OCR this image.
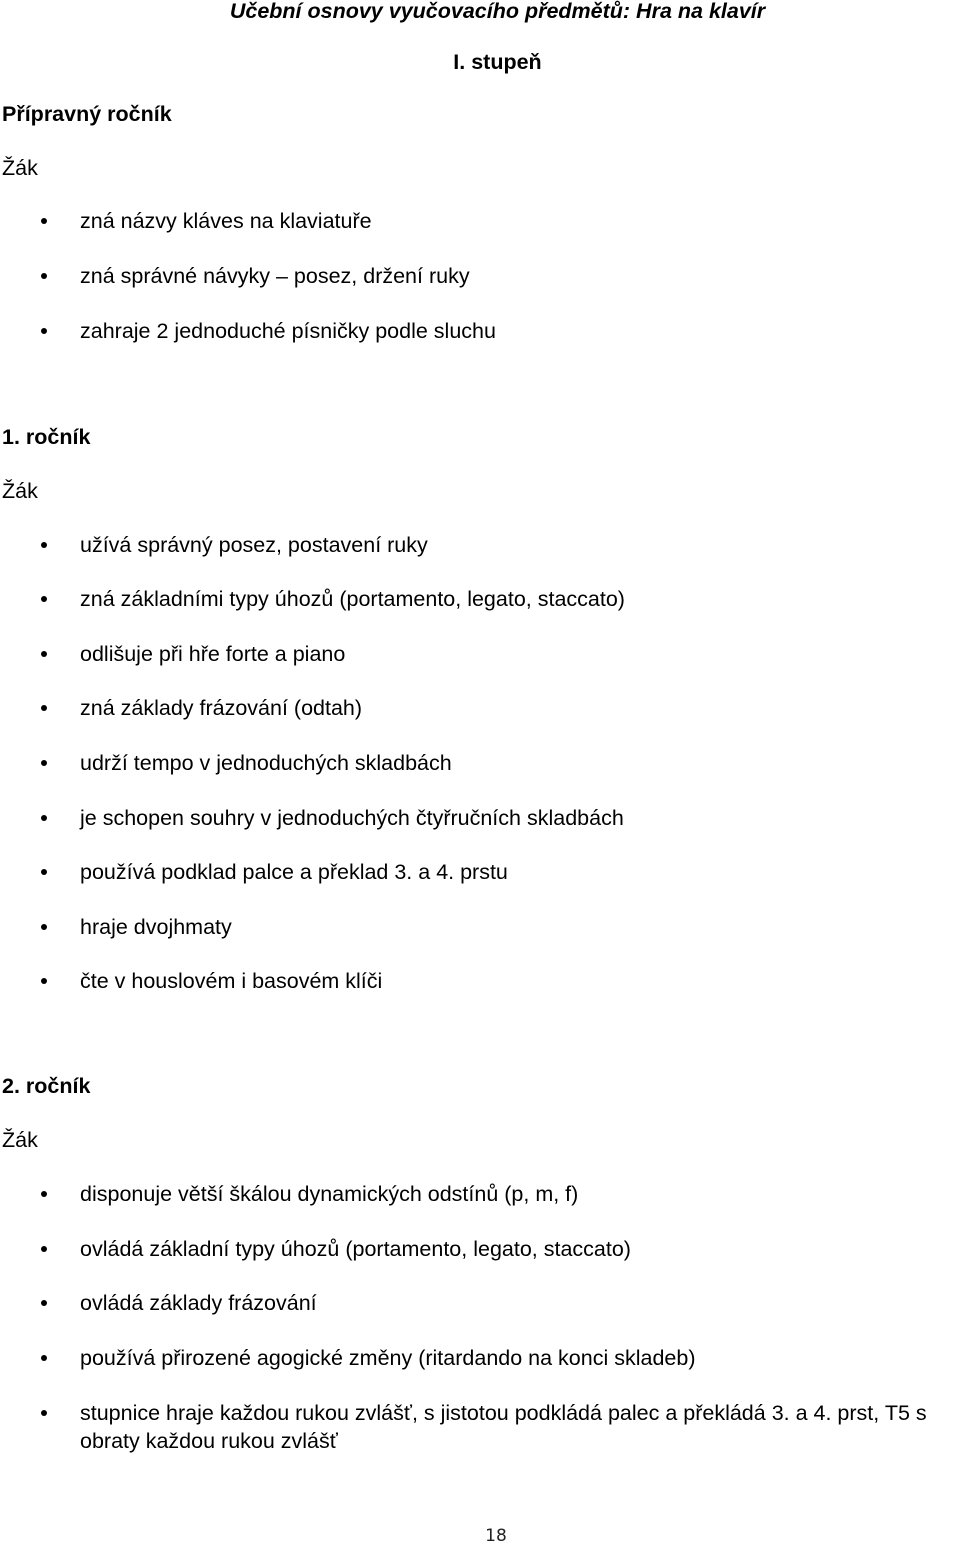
Učební osnovy vyučovacího předmětů: Hra na klavír
I. stupeň
Přípravný ročník
Žák
zná názvy kláves na klaviatuře
zná správné návyky – posez, držení ruky
zahraje 2 jednoduché písničky podle sluchu
1. ročník
Žák
užívá správný posez, postavení ruky
zná základními typy úhozů (portamento, legato, staccato)
odlišuje při hře forte a piano
zná základy frázování (odtah)
udrží tempo v jednoduchých skladbách
je schopen souhry v jednoduchých čtyřručních skladbách
používá podklad palce a překlad 3. a 4. prstu
hraje dvojhmaty
čte v houslovém i basovém klíči
2. ročník
Žák
disponuje větší škálou dynamických odstínů (p, m, f)
ovládá základní typy úhozů (portamento, legato, staccato)
ovládá základy frázování
používá přirozené agogické změny (ritardando na konci skladeb)
stupnice hraje každou rukou zvlášť, s jistotou podkládá palec a překládá 3. a 4. prst, T5 s obraty každou rukou zvlášť
18
